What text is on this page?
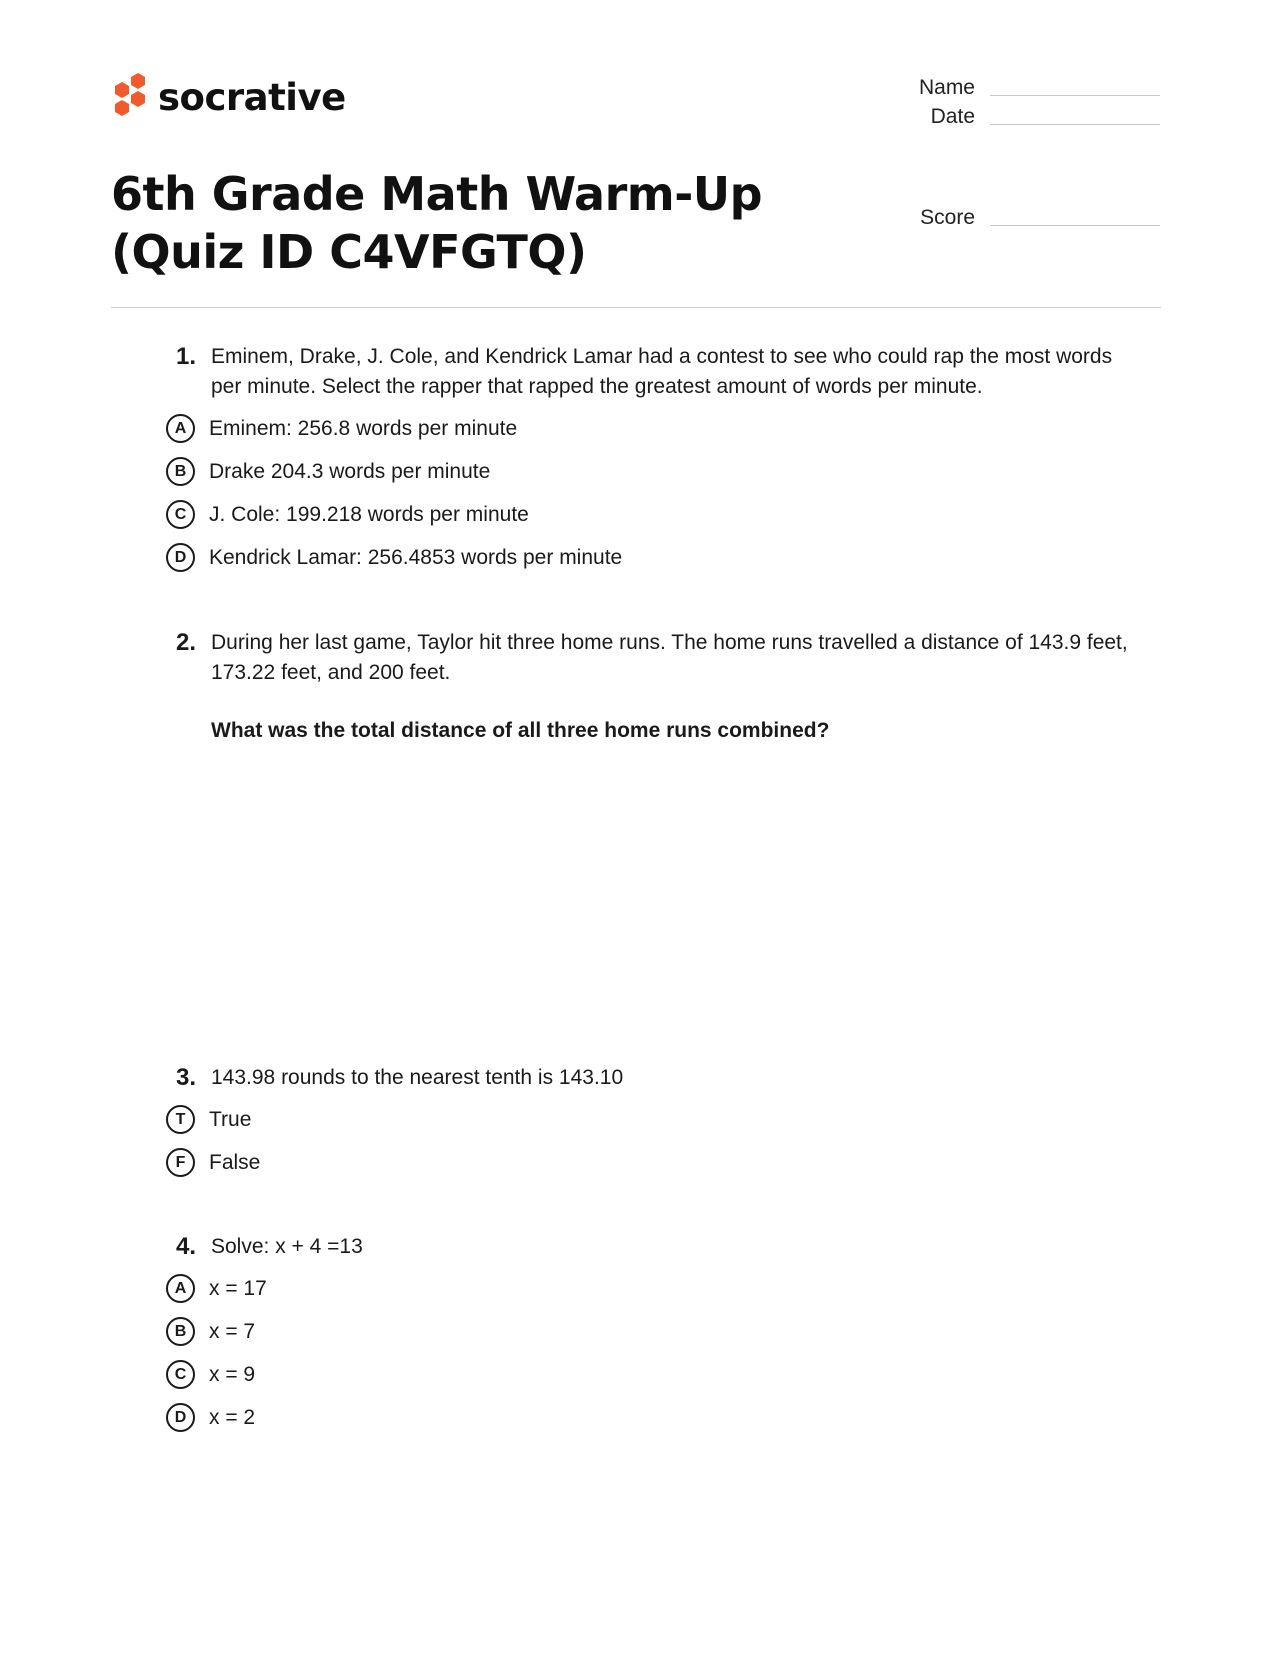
socrative	Name
Date
Score
6th Grade Math Warm-Up (Quiz ID C4VFGTQ)
1. Eminem, Drake, J. Cole, and Kendrick Lamar had a contest to see who could rap the most words per minute. Select the rapper that rapped the greatest amount of words per minute.
A	Eminem: 256.8 words per minute
B	Drake 204.3 words per minute
C	J. Cole: 199.218 words per minute
D	Kendrick Lamar: 256.4853 words per minute
2. During her last game, Taylor hit three home runs. The home runs travelled a distance of 143.9 feet, 173.22 feet, and 200 feet.
What was the total distance of all three home runs combined?
3. 143.98 rounds to the nearest tenth is 143.10
T	True
F	False
4. Solve: x + 4 =13
A	x = 17
B	x = 7
C	x = 9
D	x = 2
